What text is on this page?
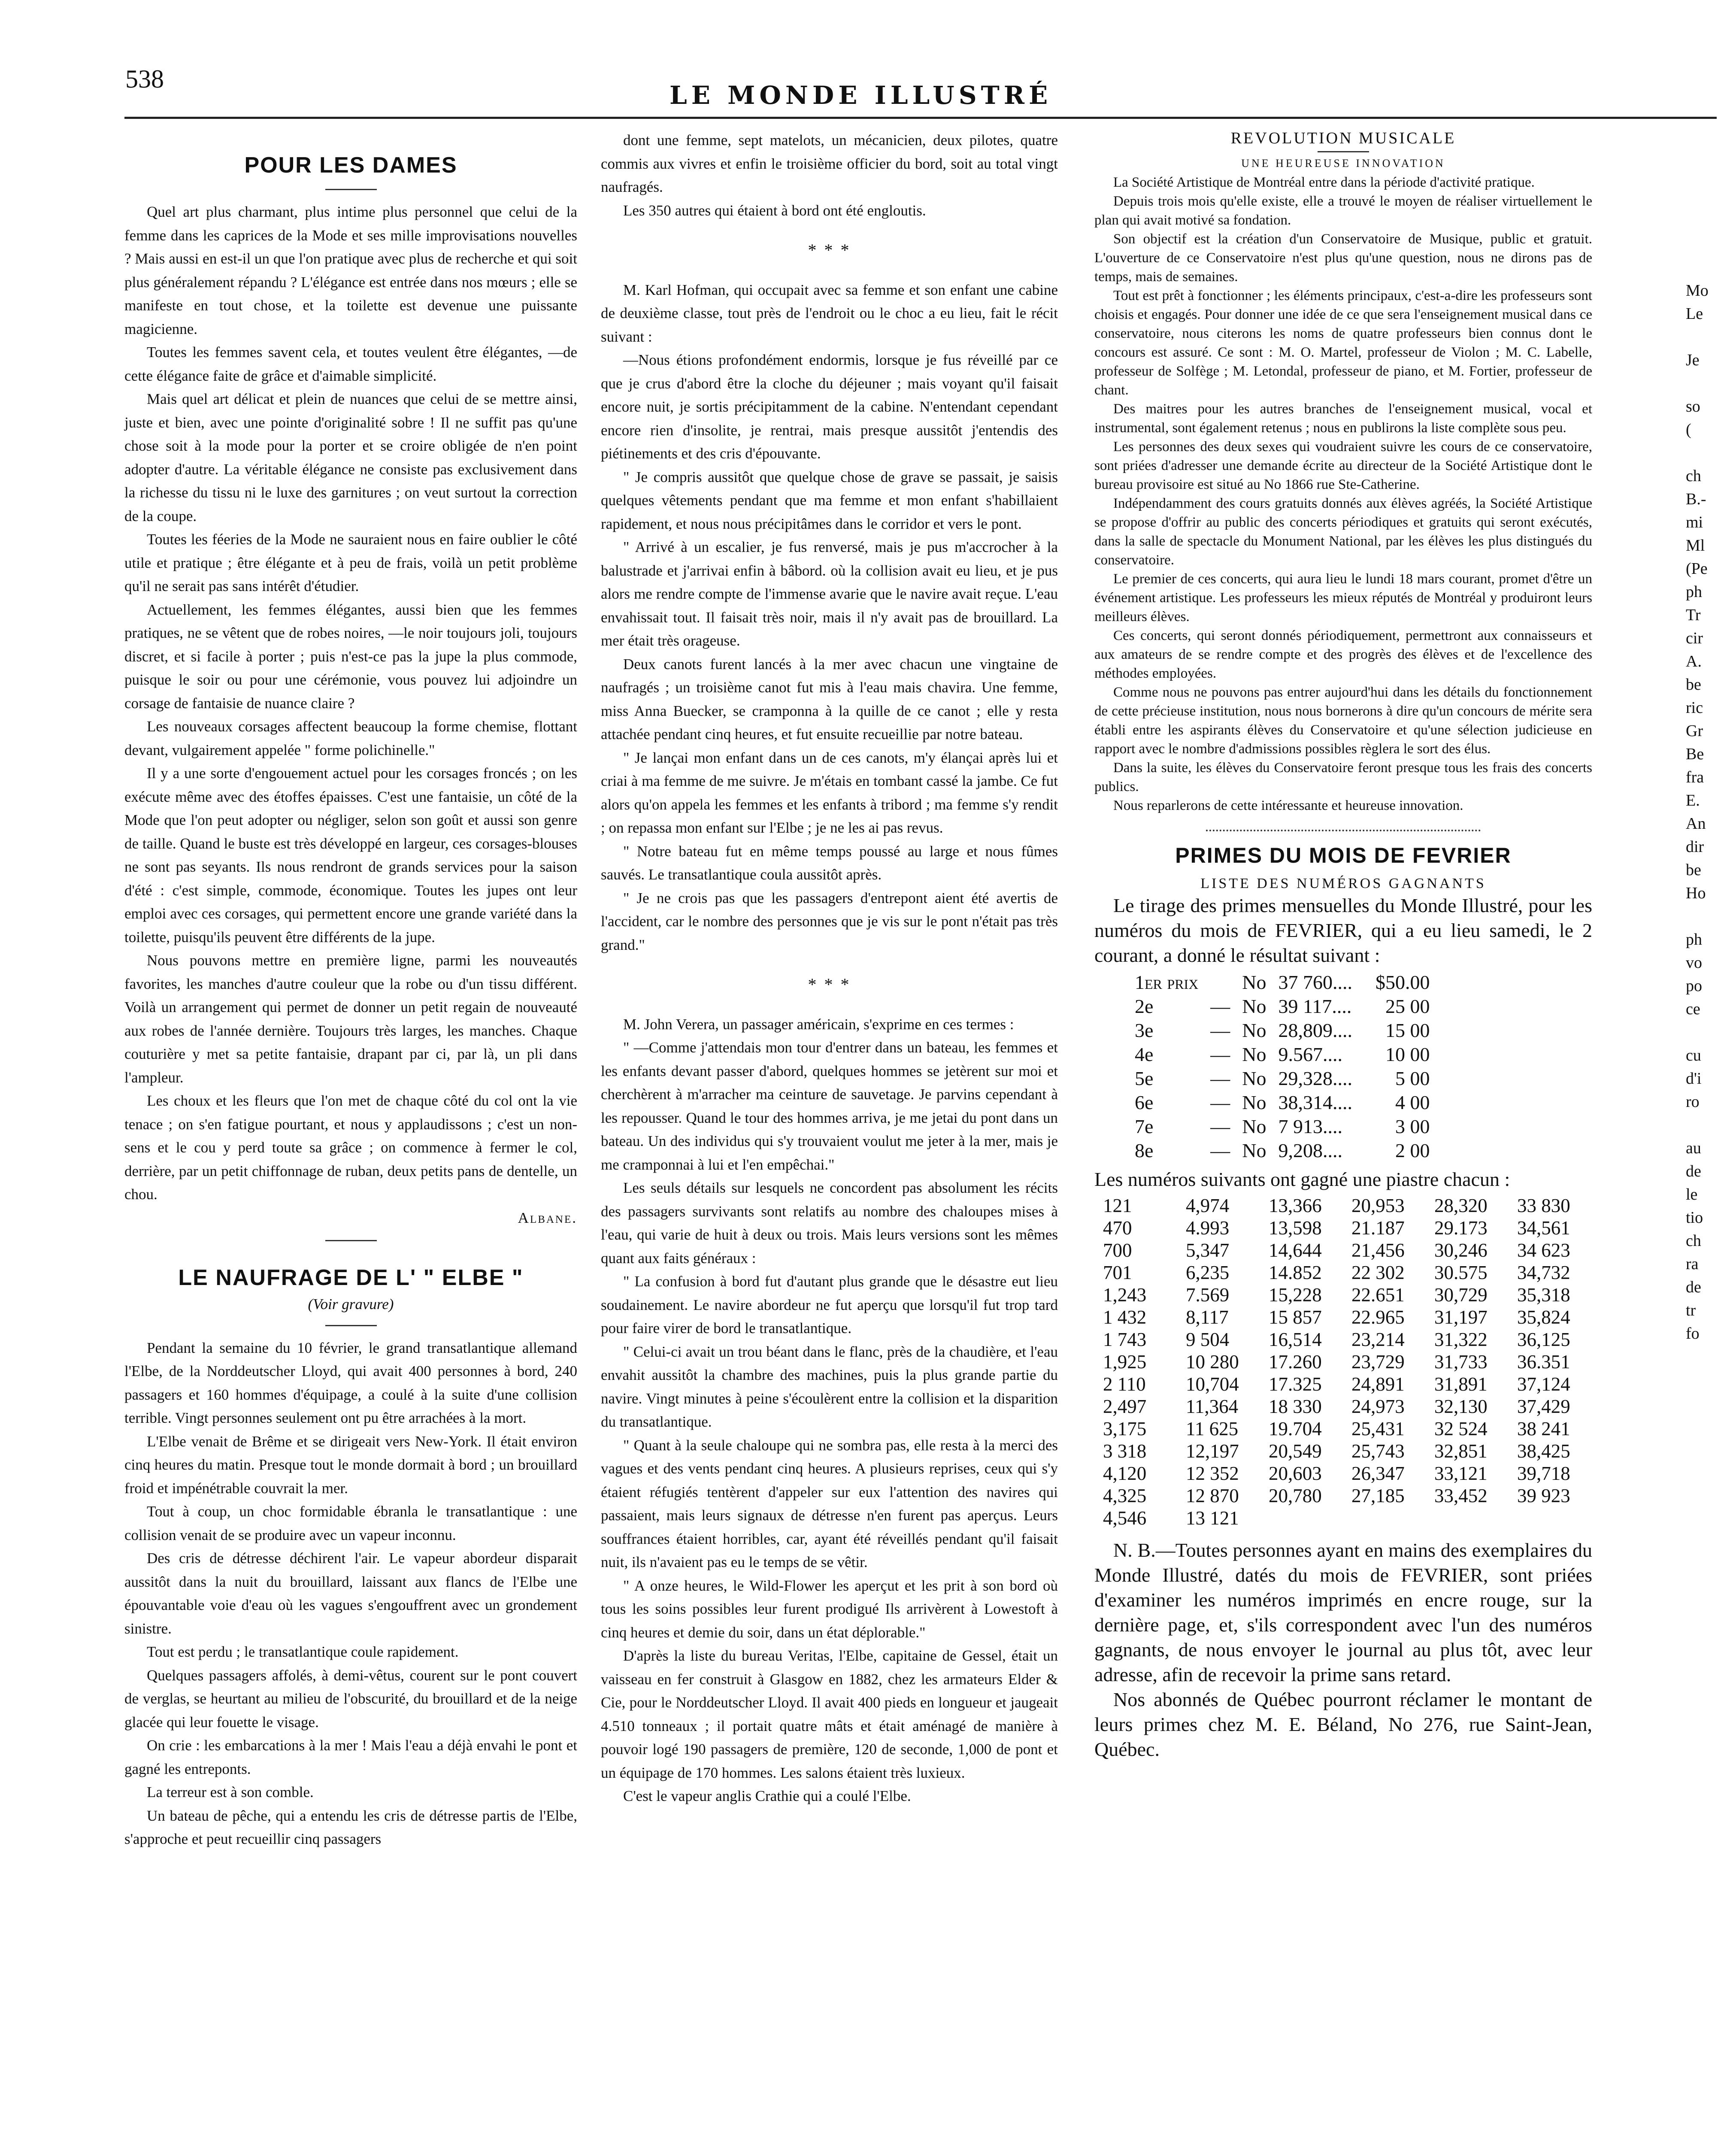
538
LE MONDE ILLUSTRÉ
POUR LES DAMES

Quel art plus charmant, plus intime plus personnel que celui de la femme dans les caprices de la Mode et ses mille improvisations nouvelles ? Mais aussi en est-il un que l'on pratique avec plus de recherche et qui soit plus généralement répandu ? L'élégance est entrée dans nos mœurs ; elle se manifeste en tout chose, et la toilette est devenue une puissante magicienne.

Toutes les femmes savent cela, et toutes veulent être élégantes, —de cette élégance faite de grâce et d'aimable simplicité.

Mais quel art délicat et plein de nuances que celui de se mettre ainsi, juste et bien, avec une pointe d'originalité sobre ! Il ne suffit pas qu'une chose soit à la mode pour la porter et se croire obligée de n'en point adopter d'autre. La véritable élégance ne consiste pas exclusivement dans la richesse du tissu ni le luxe des garnitures ; on veut surtout la correction de la coupe.

Toutes les féeries de la Mode ne sauraient nous en faire oublier le côté utile et pratique ; être élégante et à peu de frais, voilà un petit problème qu'il ne serait pas sans intérêt d'étudier.

Actuellement, les femmes élégantes, aussi bien que les femmes pratiques, ne se vêtent que de robes noires, —le noir toujours joli, toujours discret, et si facile à porter ; puis n'est-ce pas la jupe la plus commode, puisque le soir ou pour une cérémonie, vous pouvez lui adjoindre un corsage de fantaisie de nuance claire ?

Les nouveaux corsages affectent beaucoup la forme chemise, flottant devant, vulgairement appelée " forme polichinelle."

Il y a une sorte d'engouement actuel pour les corsages froncés ; on les exécute même avec des étoffes épaisses. C'est une fantaisie, un côté de la Mode que l'on peut adopter ou négliger, selon son goût et aussi son genre de taille. Quand le buste est très développé en largeur, ces corsages-blouses ne sont pas seyants. Ils nous rendront de grands services pour la saison d'été : c'est simple, commode, économique. Toutes les jupes ont leur emploi avec ces corsages, qui permettent encore une grande variété dans la toilette, puisqu'ils peuvent être différents de la jupe.

Nous pouvons mettre en première ligne, parmi les nouveautés favorites, les manches d'autre couleur que la robe ou d'un tissu différent. Voilà un arrangement qui permet de donner un petit regain de nouveauté aux robes de l'année dernière. Toujours très larges, les manches. Chaque couturière y met sa petite fantaisie, drapant par ci, par là, un pli dans l'ampleur.

Les choux et les fleurs que l'on met de chaque côté du col ont la vie tenace ; on s'en fatigue pourtant, et nous y applaudissons ; c'est un non-sens et le cou y perd toute sa grâce ; on commence à fermer le col, derrière, par un petit chiffonnage de ruban, deux petits pans de dentelle, un chou.

Albane.

LE NAUFRAGE DE L' " ELBE "

(Voir gravure)

Pendant la semaine du 10 février, le grand transatlantique allemand l'Elbe, de la Norddeutscher Lloyd, qui avait 400 personnes à bord, 240 passagers et 160 hommes d'équipage, a coulé à la suite d'une collision terrible. Vingt personnes seulement ont pu être arrachées à la mort.

L'Elbe venait de Brême et se dirigeait vers New-York. Il était environ cinq heures du matin. Presque tout le monde dormait à bord ; un brouillard froid et impénétrable couvrait la mer.

Tout à coup, un choc formidable ébranla le transatlantique : une collision venait de se produire avec un vapeur inconnu.

Des cris de détresse déchirent l'air. Le vapeur abordeur disparait aussitôt dans la nuit du brouillard, laissant aux flancs de l'Elbe une épouvantable voie d'eau où les vagues s'engouffrent avec un grondement sinistre.

Tout est perdu ; le transatlantique coule rapidement.

Quelques passagers affolés, à demi-vêtus, courent sur le pont couvert de verglas, se heurtant au milieu de l'obscurité, du brouillard et de la neige glacée qui leur fouette le visage.

On crie : les embarcations à la mer ! Mais l'eau a déjà envahi le pont et gagné les entreponts.

La terreur est à son comble.

Un bateau de pêche, qui a entendu les cris de détresse partis de l'Elbe, s'approche et peut recueillir cinq passagers

dont une femme, sept matelots, un mécanicien, deux pilotes, quatre commis aux vivres et enfin le troisième officier du bord, soit au total vingt naufragés.

Les 350 autres qui étaient à bord ont été engloutis.

* * *

M. Karl Hofman, qui occupait avec sa femme et son enfant une cabine de deuxième classe, tout près de l'endroit ou le choc a eu lieu, fait le récit suivant :

—Nous étions profondément endormis, lorsque je fus réveillé par ce que je crus d'abord être la cloche du déjeuner ; mais voyant qu'il faisait encore nuit, je sortis précipitamment de la cabine. N'entendant cependant encore rien d'insolite, je rentrai, mais presque aussitôt j'entendis des piétinements et des cris d'épouvante.

" Je compris aussitôt que quelque chose de grave se passait, je saisis quelques vêtements pendant que ma femme et mon enfant s'habillaient rapidement, et nous nous précipitâmes dans le corridor et vers le pont.

" Arrivé à un escalier, je fus renversé, mais je pus m'accrocher à la balustrade et j'arrivai enfin à bâbord. où la collision avait eu lieu, et je pus alors me rendre compte de l'immense avarie que le navire avait reçue. L'eau envahissait tout. Il faisait très noir, mais il n'y avait pas de brouillard. La mer était très orageuse.

Deux canots furent lancés à la mer avec chacun une vingtaine de naufragés ; un troisième canot fut mis à l'eau mais chavira. Une femme, miss Anna Buecker, se cramponna à la quille de ce canot ; elle y resta attachée pendant cinq heures, et fut ensuite recueillie par notre bateau.

" Je lançai mon enfant dans un de ces canots, m'y élançai après lui et criai à ma femme de me suivre. Je m'étais en tombant cassé la jambe. Ce fut alors qu'on appela les femmes et les enfants à tribord ; ma femme s'y rendit ; on repassa mon enfant sur l'Elbe ; je ne les ai pas revus.

" Notre bateau fut en même temps poussé au large et nous fûmes sauvés. Le transatlantique coula aussitôt après.

" Je ne crois pas que les passagers d'entrepont aient été avertis de l'accident, car le nombre des personnes que je vis sur le pont n'était pas très grand."

* * *

M. John Verera, un passager américain, s'exprime en ces termes :

" —Comme j'attendais mon tour d'entrer dans un bateau, les femmes et les enfants devant passer d'abord, quelques hommes se jetèrent sur moi et cherchèrent à m'arracher ma ceinture de sauvetage. Je parvins cependant à les repousser. Quand le tour des hommes arriva, je me jetai du pont dans un bateau. Un des individus qui s'y trouvaient voulut me jeter à la mer, mais je me cramponnai à lui et l'en empêchai."

Les seuls détails sur lesquels ne concordent pas absolument les récits des passagers survivants sont relatifs au nombre des chaloupes mises à l'eau, qui varie de huit à deux ou trois. Mais leurs versions sont les mêmes quant aux faits généraux :

" La confusion à bord fut d'autant plus grande que le désastre eut lieu soudainement. Le navire abordeur ne fut aperçu que lorsqu'il fut trop tard pour faire virer de bord le transatlantique.

" Celui-ci avait un trou béant dans le flanc, près de la chaudière, et l'eau envahit aussitôt la chambre des machines, puis la plus grande partie du navire. Vingt minutes à peine s'écoulèrent entre la collision et la disparition du transatlantique.

" Quant à la seule chaloupe qui ne sombra pas, elle resta à la merci des vagues et des vents pendant cinq heures. A plusieurs reprises, ceux qui s'y étaient réfugiés tentèrent d'appeler sur eux l'attention des navires qui passaient, mais leurs signaux de détresse n'en furent pas aperçus. Leurs souffrances étaient horribles, car, ayant été réveillés pendant qu'il faisait nuit, ils n'avaient pas eu le temps de se vêtir.

" A onze heures, le Wild-Flower les aperçut et les prit à son bord où tous les soins possibles leur furent prodigué Ils arrivèrent à Lowestoft à cinq heures et demie du soir, dans un état déplorable."

D'après la liste du bureau Veritas, l'Elbe, capitaine de Gessel, était un vaisseau en fer construit à Glasgow en 1882, chez les armateurs Elder & Cie, pour le Norddeutscher Lloyd. Il avait 400 pieds en longueur et jaugeait 4.510 tonneaux ; il portait quatre mâts et était aménagé de manière à pouvoir logé 190 passagers de première, 120 de seconde, 1,000 de pont et un équipage de 170 hommes. Les salons étaient très luxieux.

C'est le vapeur anglis Crathie qui a coulé l'Elbe.

REVOLUTION MUSICALE

UNE HEUREUSE INNOVATION

La Société Artistique de Montréal entre dans la période d'activité pratique.

Depuis trois mois qu'elle existe, elle a trouvé le moyen de réaliser virtuellement le plan qui avait motivé sa fondation.

Son objectif est la création d'un Conservatoire de Musique, public et gratuit. L'ouverture de ce Conservatoire n'est plus qu'une question, nous ne dirons pas de temps, mais de semaines.

Tout est prêt à fonctionner ; les éléments principaux, c'est-a-dire les professeurs sont choisis et engagés. Pour donner une idée de ce que sera l'enseignement musical dans ce conservatoire, nous citerons les noms de quatre professeurs bien connus dont le concours est assuré. Ce sont : M. O. Martel, professeur de Violon ; M. C. Labelle, professeur de Solfège ; M. Letondal, professeur de piano, et M. Fortier, professeur de chant.

Des maitres pour les autres branches de l'enseignement musical, vocal et instrumental, sont également retenus ; nous en publirons la liste complète sous peu.

Les personnes des deux sexes qui voudraient suivre les cours de ce conservatoire, sont priées d'adresser une demande écrite au directeur de la Société Artistique dont le bureau provisoire est situé au No 1866 rue Ste-Catherine.

Indépendamment des cours gratuits donnés aux élèves agréés, la Société Artistique se propose d'offrir au public des concerts périodiques et gratuits qui seront exécutés, dans la salle de spectacle du Monument National, par les élèves les plus distingués du conservatoire.

Le premier de ces concerts, qui aura lieu le lundi 18 mars courant, promet d'être un événement artistique. Les professeurs les mieux réputés de Montréal y produiront leurs meilleurs élèves.

Ces concerts, qui seront donnés périodiquement, permettront aux connaisseurs et aux amateurs de se rendre compte et des progrès des élèves et de l'excellence des méthodes employées.

Comme nous ne pouvons pas entrer aujourd'hui dans les détails du fonctionnement de cette précieuse institution, nous nous bornerons à dire qu'un concours de mérite sera établi entre les aspirants élèves du Conservatoire et qu'une sélection judicieuse en rapport avec le nombre d'admissions possibles règlera le sort des élus.

Dans la suite, les élèves du Conservatoire feront presque tous les frais des concerts publics.

Nous reparlerons de cette intéressante et heureuse innovation.

PRIMES DU MOIS DE FEVRIER

LISTE DES NUMÉROS GAGNANTS

Le tirage des primes mensuelles du Monde Illustré, pour les numéros du mois de FEVRIER, qui a eu lieu samedi, le 2 courant, a donné le résultat suivant :

1er prix		No	37 760....	$50.00
2e	—	No	39 117....	25 00
3e	—	No	28,809....	15 00
4e	—	No	9.567....	10 00
5e	—	No	29,328....	5 00
6e	—	No	38,314....	4 00
7e	—	No	7 913....	3 00
8e	—	No	9,208....	2 00

Les numéros suivants ont gagné une piastre chacun :

121	4,974	13,366	20,953	28,320	33 830
470	4.993	13,598	21.187	29.173	34,561
700	5,347	14,644	21,456	30,246	34 623
701	6,235	14.852	22 302	30.575	34,732
1,243	7.569	15,228	22.651	30,729	35,318
1 432	8,117	15 857	22.965	31,197	35,824
1 743	9 504	16,514	23,214	31,322	36,125
1,925	10 280	17.260	23,729	31,733	36.351
2 110	10,704	17.325	24,891	31,891	37,124
2,497	11,364	18 330	24,973	32,130	37,429
3,175	11 625	19.704	25,431	32 524	38 241
3 318	12,197	20,549	25,743	32,851	38,425
4,120	12 352	20,603	26,347	33,121	39,718
4,325	12 870	20,780	27,185	33,452	39 923
4,546	13 121

N. B.—Toutes personnes ayant en mains des exemplaires du Monde Illustré, datés du mois de FEVRIER, sont priées d'examiner les numéros imprimés en encre rouge, sur la dernière page, et, s'ils correspondent avec l'un des numéros gagnants, de nous envoyer le journal au plus tôt, avec leur adresse, afin de recevoir la prime sans retard.

Nos abonnés de Québec pourront réclamer le montant de leurs primes chez M. E. Béland, No 276, rue Saint-Jean, Québec.

Mo
Le

Je

so
(

ch
B.-
mi
Ml
(Pe
ph
Tr
cir
A.
be
ric
Gr
Be
fra
E.
An
dir
be
Ho

ph
vo
po
ce

cu
d'i
ro

au
de
le
tio
ch
ra
de
tr
fo
